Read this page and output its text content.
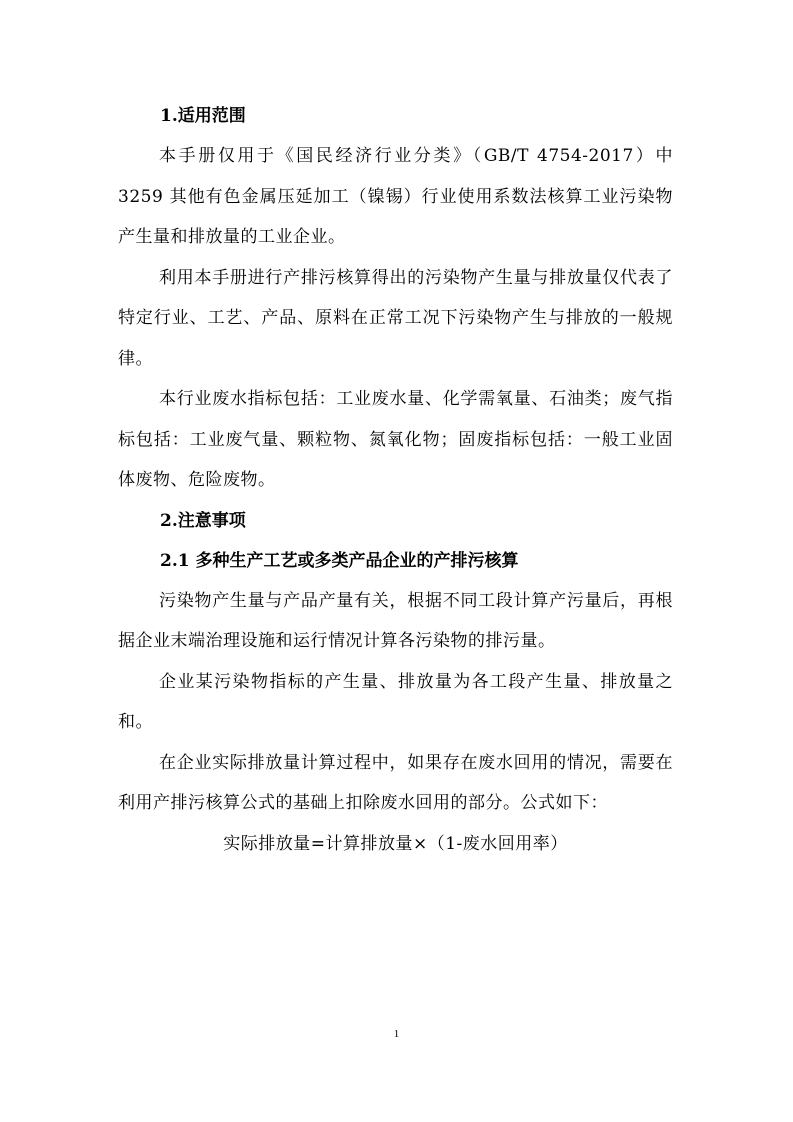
1.适用范围

本手册仅用于《国民经济行业分类》（GB/T 4754-2017）中 3259 其他有色金属压延加工（镍锡）行业使用系数法核算工业污染物产生量和排放量的工业企业。

利用本手册进行产排污核算得出的污染物产生量与排放量仅代表了特定行业、工艺、产品、原料在正常工况下污染物产生与排放的一般规律。

本行业废水指标包括：工业废水量、化学需氧量、石油类；废气指标包括：工业废气量、颗粒物、氮氧化物；固废指标包括：一般工业固体废物、危险废物。

2.注意事项

2.1 多种生产工艺或多类产品企业的产排污核算

污染物产生量与产品产量有关，根据不同工段计算产污量后，再根据企业末端治理设施和运行情况计算各污染物的排污量。

企业某污染物指标的产生量、排放量为各工段产生量、排放量之和。

在企业实际排放量计算过程中，如果存在废水回用的情况，需要在利用产排污核算公式的基础上扣除废水回用的部分。公式如下：

实际排放量=计算排放量×（1-废水回用率）

1
